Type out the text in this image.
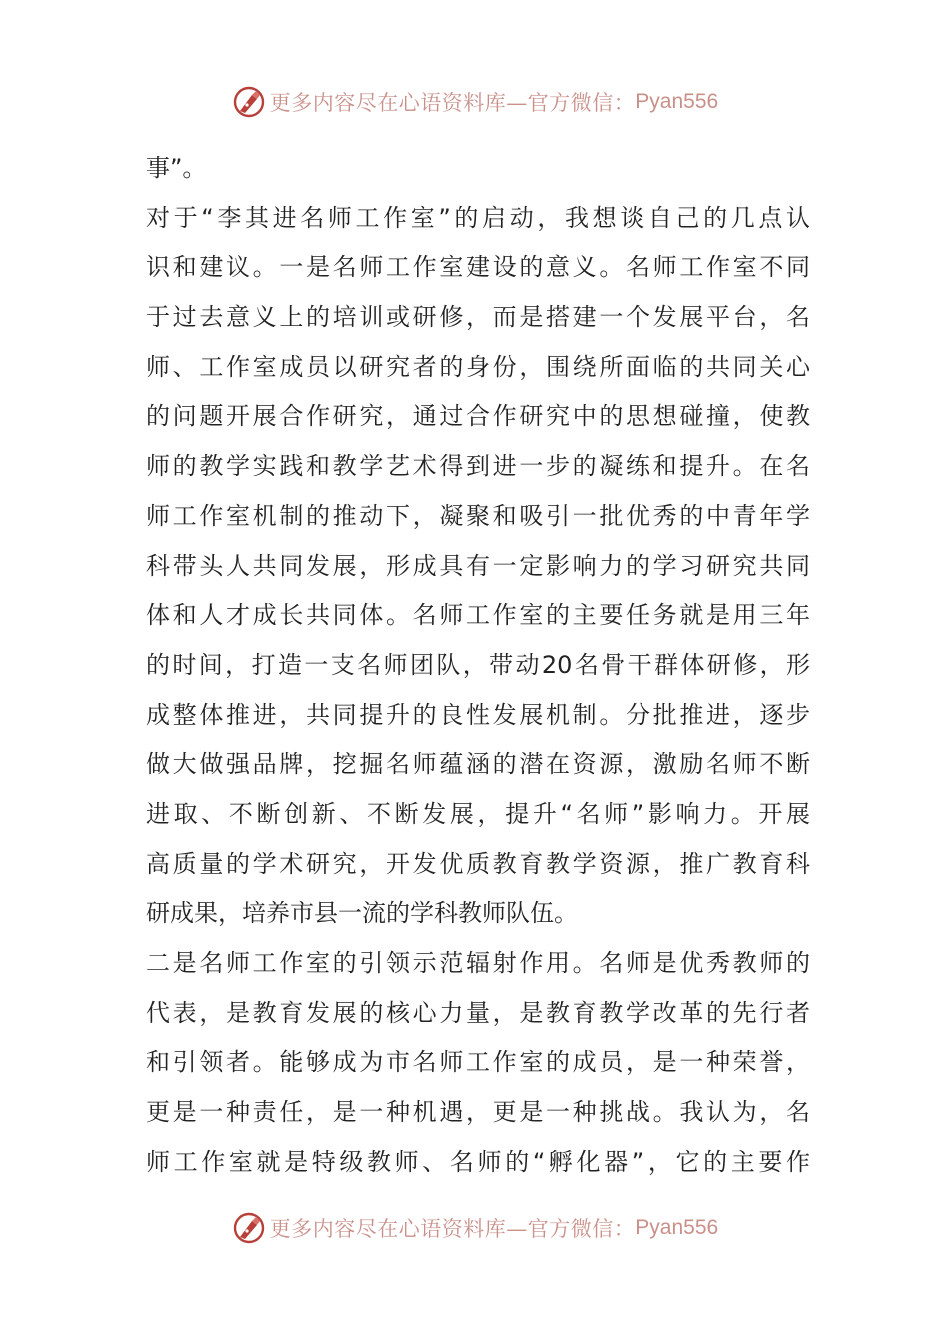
更多内容尽在心语资料库—官方微信： Pyan556
事”。
对于“李其进名师工作室”的启动，我想谈自己的几点认
识和建议。一是名师工作室建设的意义。名师工作室不同
于过去意义上的培训或研修，而是搭建一个发展平台，名
师、工作室成员以研究者的身份，围绕所面临的共同关心
的问题开展合作研究，通过合作研究中的思想碰撞，使教
师的教学实践和教学艺术得到进一步的凝练和提升。在名
师工作室机制的推动下，凝聚和吸引一批优秀的中青年学
科带头人共同发展，形成具有一定影响力的学习研究共同
体和人才成长共同体。名师工作室的主要任务就是用三年
的时间，打造一支名师团队，带动20名骨干群体研修，形
成整体推进，共同提升的良性发展机制。分批推进，逐步
做大做强品牌，挖掘名师蕴涵的潜在资源，激励名师不断
进取、不断创新、不断发展，提升“名师”影响力。开展
高质量的学术研究，开发优质教育教学资源，推广教育科
研成果，培养市县一流的学科教师队伍。
二是名师工作室的引领示范辐射作用。名师是优秀教师的
代表，是教育发展的核心力量，是教育教学改革的先行者
和引领者。能够成为市名师工作室的成员，是一种荣誉，
更是一种责任，是一种机遇，更是一种挑战。我认为，名
师工作室就是特级教师、名师的“孵化器”，它的主要作
更多内容尽在心语资料库—官方微信： Pyan556
